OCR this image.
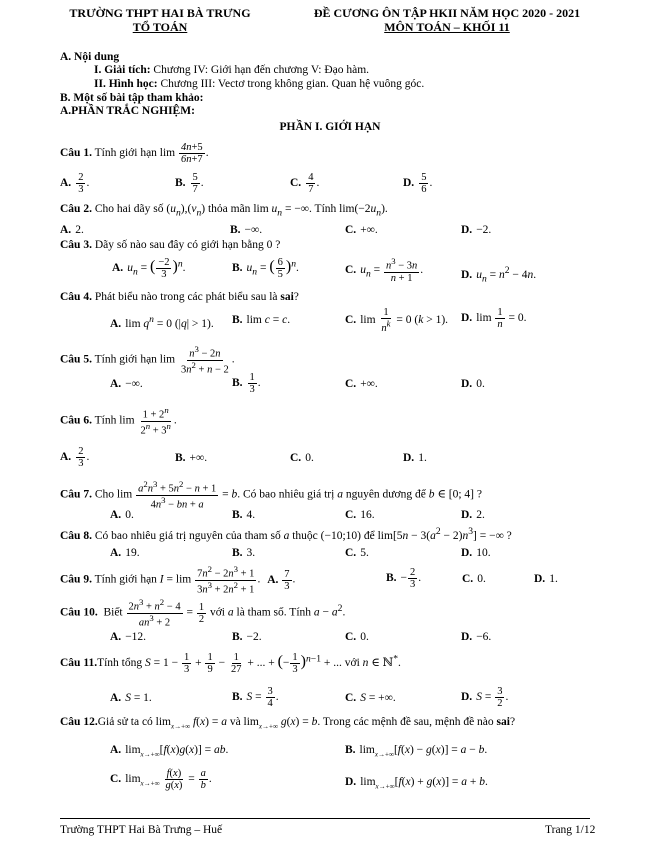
TRƯỜNG THPT HAI BÀ TRƯNG
TỔ TOÁN
ĐỀ CƯƠNG ÔN TẬP HKII NĂM HỌC 2020 - 2021
MÔN TOÁN – KHỐI 11
A. Nội dung
I. Giải tích: Chương IV: Giới hạn đến chương V: Đạo hàm.
II. Hình học: Chương III: Vectơ trong không gian. Quan hệ vuông góc.
B. Một số bài tập tham khảo:
A.PHẦN TRẮC NGHIỆM:
PHẦN I. GIỚI HẠN
Câu 1. Tính giới hạn $\lim \frac{4n+5}{6n+7}$ .
A. $\frac{2}{3}$ .	B. $\frac{5}{7}$ .	C. $\frac{4}{7}$ .	D. $\frac{5}{6}$ .
Câu 2. Cho hai dãy số $(u_n),(v_n)$ thỏa mãn $\lim u_n$ = −∞. Tính $\lim(-2u_n)$.
A. 2.	B. −∞.	C. +∞.	D. −2.
Câu 3. Dãy số nào sau đây có giới hạn bằng 0 ?
A. $u_n$ = ( $\frac{-2}{3} )^n$.	B. $u_n$ = ( $\frac{6}{5} )^n$.	C. $u_n = \frac{n^3 - 3n}{n + 1}$ .	D. $u_n = n^2 - 4n$.
Câu 4. Phát biểu nào trong các phát biểu sau là sai?
A. $\lim q^n = 0$ (|q| > 1). B. lim c = c.	C. $\lim \frac{1}{n^k} = 0$ (k > 1). D. $\lim \frac{1}{n} = 0$.
Câu 5. Tính giới hạn $\lim \frac{n^3 - 2n}{3n^2 + n - 2}$ .
A. −∞.	B. $\frac{1}{3}$ .	C. +∞.	D. 0.
Câu 6. Tính $\lim \frac{1 + 2^n}{2^n + 3^n}$ .
A. $\frac{2}{3}$ .	B. +∞.	C. 0.	D. 1.
Câu 7. Cho $\lim \frac{a^2n^3 + 5n^2 - n + 1}{4n^3 - bn + a} = b$. Có bao nhiêu giá trị a nguyên dương để b ∈ [0; 4] ?
A. 0.	B. 4.	C. 16.	D. 2.
Câu 8. Có bao nhiêu giá trị nguyên của tham số a thuộc (−10;10) để $\lim[5n - 3(a^2 - 2)n^3]$ = −∞ ?
A. 19.	B. 3.	C. 5.	D. 10.
Câu 9. Tính giới hạn $I = \lim \frac{7n^2 - 2n^3 + 1}{3n^3 + 2n^2 + 1}$ . A. $\frac{7}{3}$ .	B. − $\frac{2}{3}$ .	C. 0.	D. 1.
Câu 10. Biết $\frac{2n^3 + n^2 - 4}{an^3 + 2} = \frac{1}{2}$ với a là tham số. Tính $a - a^2$.
A. −12.	B. −2.	C. 0.	D. −6.
Câu 11.Tính tổng $S = 1 - \frac{1}{3} + \frac{1}{9} - \frac{1}{27}$ + ... + (− $\frac{1}{3} )^{n-1}$ + ... với n ∈ ℕ*.
A. S = 1.	B. $S = \frac{3}{4}$ .	C. S = +∞.	D. $S = \frac{3}{2}$ .
Câu 12.Giả sử ta có $\lim_{x\to+\infty} f(x) = a$ và $\lim_{x\to+\infty} g(x) = b$. Trong các mệnh đề sau, mệnh đề nào sai?
A. $\lim_{x\to+\infty}[f(x)g(x)]$ = ab.	B. $\lim_{x\to+\infty}[f(x) - g(x)] = a - b$.
C. $\lim_{x\to+\infty} \frac{f(x)}{g(x)} = \frac{a}{b}$ .	D. $\lim_{x\to+\infty}[f(x) + g(x)] = a + b$.
Trường THPT Hai Bà Trưng – Huế	Trang 1/12
